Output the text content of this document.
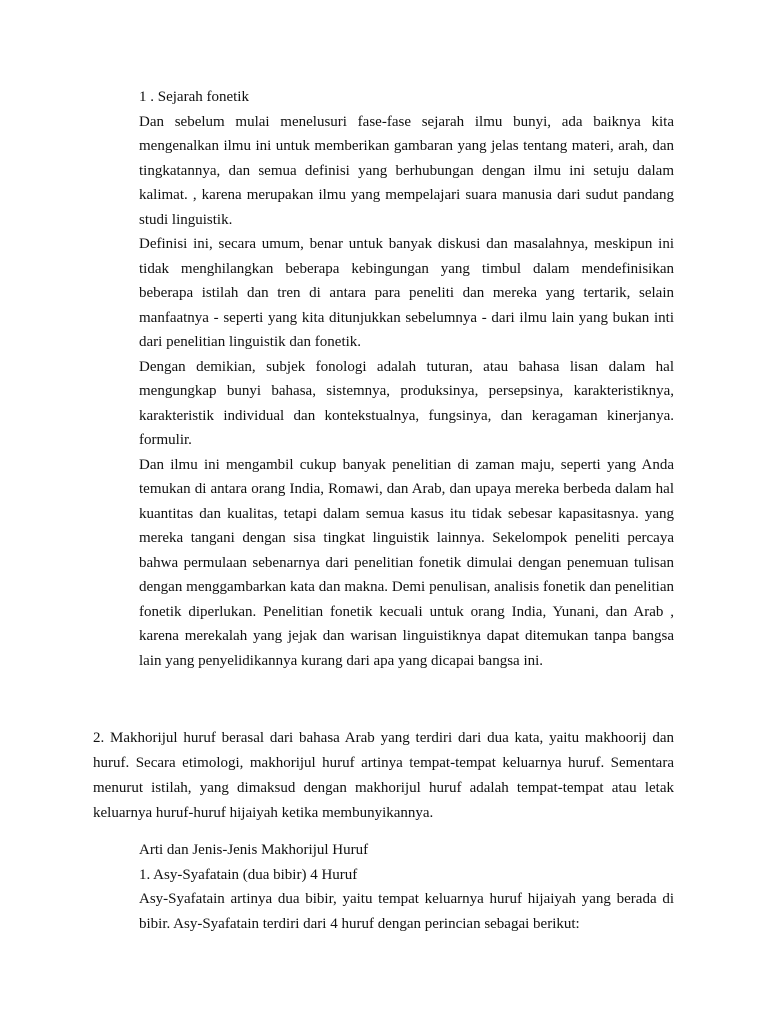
1 . Sejarah fonetik

Dan sebelum mulai menelusuri fase-fase sejarah ilmu bunyi, ada baiknya kita mengenalkan ilmu ini untuk memberikan gambaran yang jelas tentang materi, arah, dan tingkatannya, dan semua definisi yang berhubungan dengan ilmu ini setuju dalam kalimat. , karena merupakan ilmu yang mempelajari suara manusia dari sudut pandang studi linguistik.

Definisi ini, secara umum, benar untuk banyak diskusi dan masalahnya, meskipun ini tidak menghilangkan beberapa kebingungan yang timbul dalam mendefinisikan beberapa istilah dan tren di antara para peneliti dan mereka yang tertarik, selain manfaatnya - seperti yang kita ditunjukkan sebelumnya - dari ilmu lain yang bukan inti dari penelitian linguistik dan fonetik.

Dengan demikian, subjek fonologi adalah tuturan, atau bahasa lisan dalam hal mengungkap bunyi bahasa, sistemnya, produksinya, persepsinya, karakteristiknya, karakteristik individual dan kontekstualnya, fungsinya, dan keragaman kinerjanya. formulir.

Dan ilmu ini mengambil cukup banyak penelitian di zaman maju, seperti yang Anda temukan di antara orang India, Romawi, dan Arab, dan upaya mereka berbeda dalam hal kuantitas dan kualitas, tetapi dalam semua kasus itu tidak sebesar kapasitasnya. yang mereka tangani dengan sisa tingkat linguistik lainnya. Sekelompok peneliti percaya bahwa permulaan sebenarnya dari penelitian fonetik dimulai dengan penemuan tulisan dengan menggambarkan kata dan makna. Demi penulisan, analisis fonetik dan penelitian fonetik diperlukan. Penelitian fonetik kecuali untuk orang India, Yunani, dan Arab , karena merekalah yang jejak dan warisan linguistiknya dapat ditemukan tanpa bangsa lain yang penyelidikannya kurang dari apa yang dicapai bangsa ini.

2. Makhorijul huruf berasal dari bahasa Arab yang terdiri dari dua kata, yaitu makhoorij dan huruf. Secara etimologi, makhorijul huruf artinya tempat-tempat keluarnya huruf. Sementara menurut istilah, yang dimaksud dengan makhorijul huruf adalah tempat-tempat atau letak keluarnya huruf-huruf hijaiyah ketika membunyikannya.

Arti dan Jenis-Jenis Makhorijul Huruf

1. Asy-Syafatain (dua bibir) 4 Huruf

Asy-Syafatain artinya dua bibir, yaitu tempat keluarnya huruf hijaiyah yang berada di bibir. Asy-Syafatain terdiri dari 4 huruf dengan perincian sebagai berikut:
